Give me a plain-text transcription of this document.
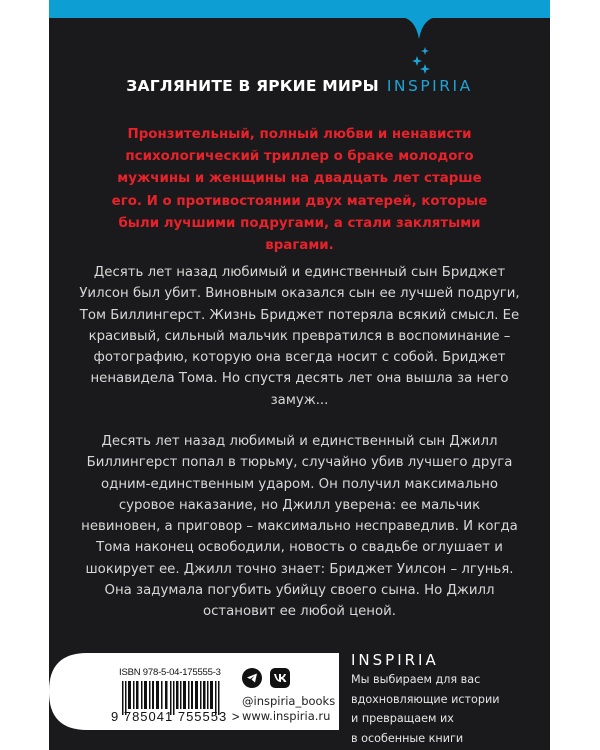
ЗАГЛЯНИТЕ В ЯРКИЕ МИРЫ INSPIRIA
Пронзительный, полный любви и ненависти психологический триллер о браке молодого мужчины и женщины на двадцать лет старше его. И о противостоянии двух матерей, которые были лучшими подругами, а стали заклятыми врагами.
Десять лет назад любимый и единственный сын Бриджет Уилсон был убит. Виновным оказался сын ее лучшей подруги, Том Биллингерст. Жизнь Бриджет потеряла всякий смысл. Ее красивый, сильный мальчик превратился в воспоминание – фотографию, которую она всегда носит с собой. Бриджет ненавидела Тома. Но спустя десять лет она вышла за него замуж...
Десять лет назад любимый и единственный сын Джилл Биллингерст попал в тюрьму, случайно убив лучшего друга одним-единственным ударом. Он получил максимально суровое наказание, но Джилл уверена: ее мальчик невиновен, а приговор – максимально несправедлив. И когда Тома наконец освободили, новость о свадьбе оглушает и шокирует ее. Джилл точно знает: Бриджет Уилсон – лгунья. Она задумала погубить убийцу своего сына. Но Джилл остановит ее любой ценой.
ISBN 978-5-04-175555-3
9 785041 755553 >
@inspiria_books
www.inspiria.ru
INSPIRIA
Мы выбираем для вас
вдохновляющие истории
и превращаем их
в особенные книги
